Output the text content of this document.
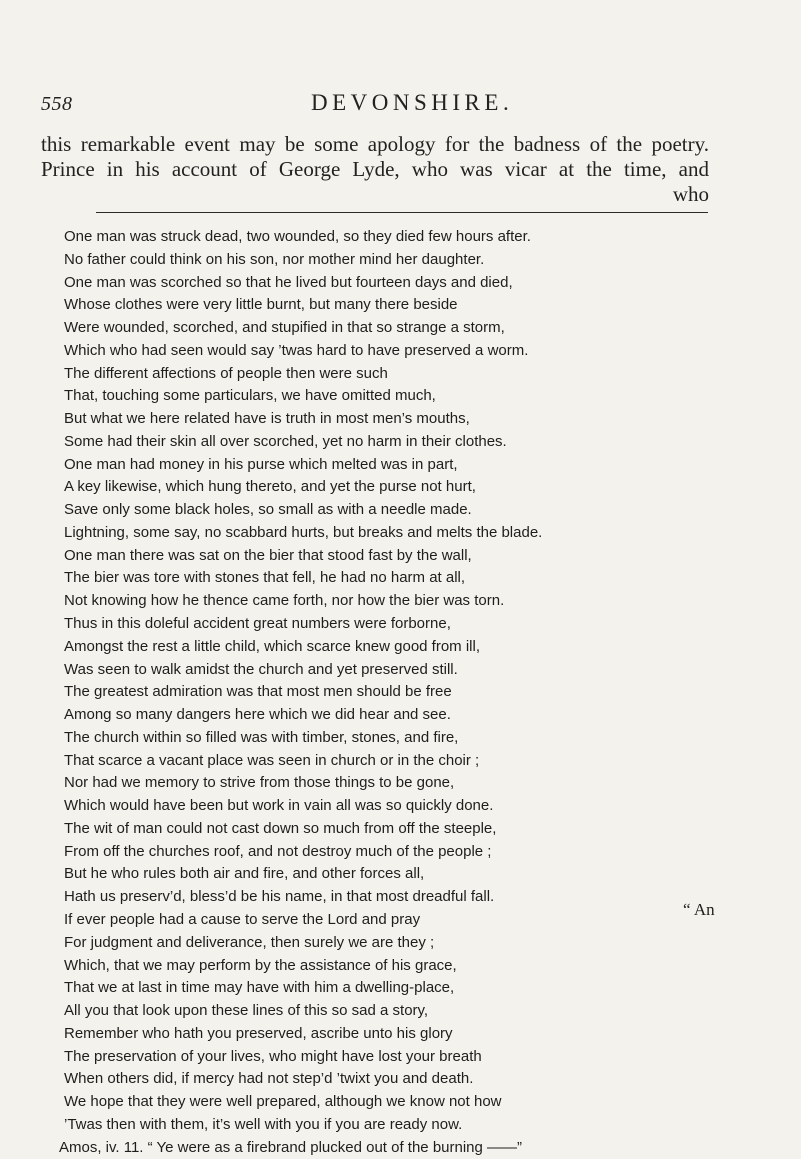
558	DEVONSHIRE.
this remarkable event may be some apology for the badness of the poetry.
Prince in his account of George Lyde, who was vicar at the time, and
who
One man was struck dead, two wounded, so they died few hours after.
No father could think on his son, nor mother mind her daughter.
One man was scorched so that he lived but fourteen days and died,
Whose clothes were very little burnt, but many there beside
Were wounded, scorched, and stupified in that so strange a storm,
Which who had seen would say ’twas hard to have preserved a worm.
The different affections of people then were such
That, touching some particulars, we have omitted much,
But what we here related have is truth in most men’s mouths,
Some had their skin all over scorched, yet no harm in their clothes.
One man had money in his purse which melted was in part,
A key likewise, which hung thereto, and yet the purse not hurt,
Save only some black holes, so small as with a needle made.
Lightning, some say, no scabbard hurts, but breaks and melts the blade.
One man there was sat on the bier that stood fast by the wall,
The bier was tore with stones that fell, he had no harm at all,
Not knowing how he thence came forth, nor how the bier was torn.
Thus in this doleful accident great numbers were forborne,
Amongst the rest a little child, which scarce knew good from ill,
Was seen to walk amidst the church and yet preserved still.
The greatest admiration was that most men should be free
Among so many dangers here which we did hear and see.
The church within so filled was with timber, stones, and fire,
That scarce a vacant place was seen in church or in the choir ;
Nor had we memory to strive from those things to be gone,
Which would have been but work in vain all was so quickly done.
The wit of man could not cast down so much from off the steeple,
From off the churches roof, and not destroy much of the people ;
But he who rules both air and fire, and other forces all,
Hath us preserv’d, bless’d be his name, in that most dreadful fall.
If ever people had a cause to serve the Lord and pray
For judgment and deliverance, then surely we are they ;
Which, that we may perform by the assistance of his grace,
That we at last in time may have with him a dwelling-place,
All you that look upon these lines of this so sad a story,
Remember who hath you preserved, ascribe unto his glory
The preservation of your lives, who might have lost your breath
When others did, if mercy had not step’d ’twixt you and death.
We hope that they were well prepared, although we know not how
’Twas then with them, it’s well with you if you are ready now.
Amos, iv. 11. “ Ye were as a firebrand plucked out of the burning ——”
“ An
